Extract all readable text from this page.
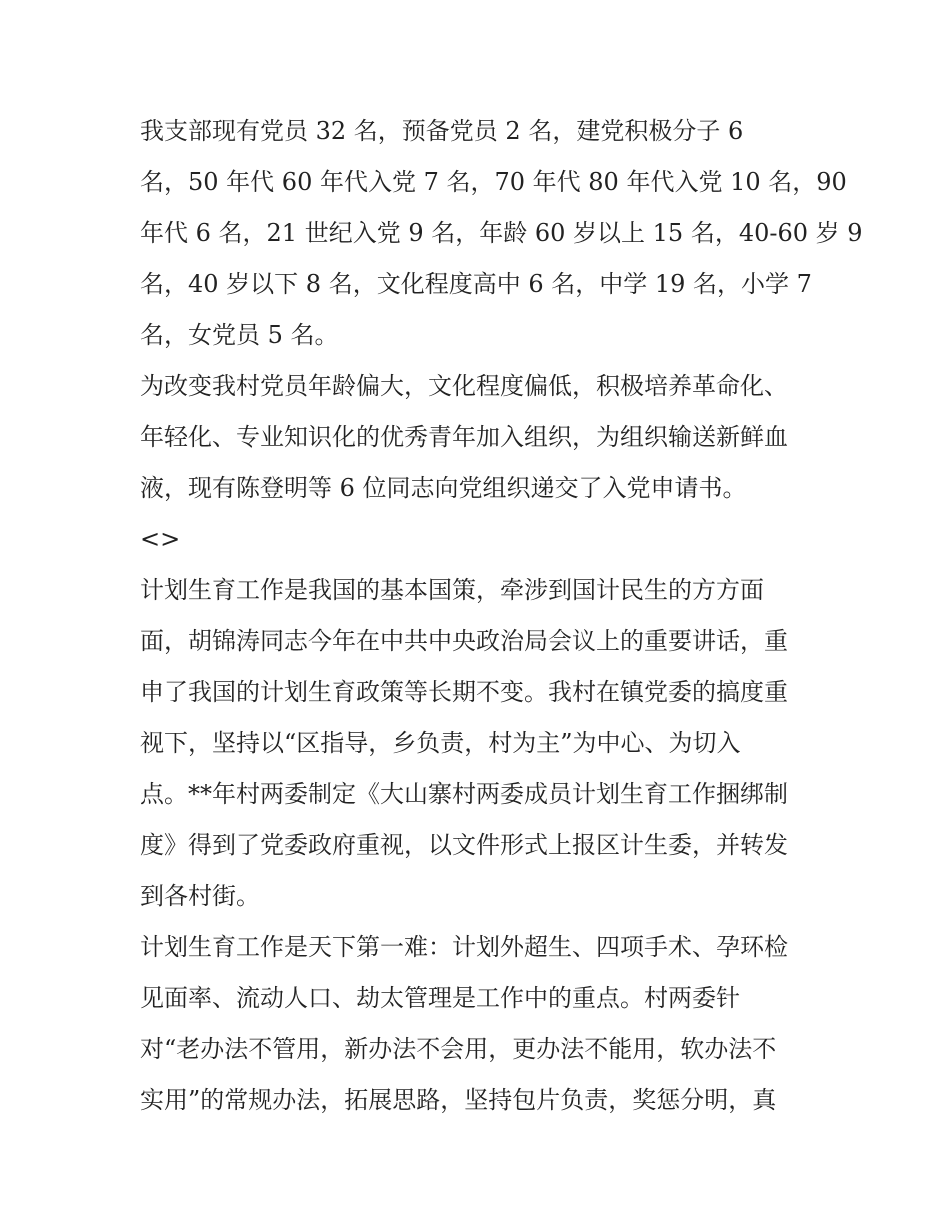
我支部现有党员 32 名，预备党员 2 名，建党积极分子 6
名，50 年代 60 年代入党 7 名，70 年代 80 年代入党 10 名，90
年代 6 名，21 世纪入党 9 名，年龄 60 岁以上 15 名，40-60 岁 9
名，40 岁以下 8 名，文化程度高中 6 名，中学 19 名，小学 7
名，女党员 5 名。
为改变我村党员年龄偏大，文化程度偏低，积极培养革命化、
年轻化、专业知识化的优秀青年加入组织，为组织输送新鲜血
液，现有陈登明等 6 位同志向党组织递交了入党申请书。
<>
计划生育工作是我国的基本国策，牵涉到国计民生的方方面
面，胡锦涛同志今年在中共中央政治局会议上的重要讲话，重
申了我国的计划生育政策等长期不变。我村在镇党委的搞度重
视下，坚持以“区指导，乡负责，村为主”为中心、为切入
点。**年村两委制定《大山寨村两委成员计划生育工作捆绑制
度》得到了党委政府重视，以文件形式上报区计生委，并转发
到各村街。
计划生育工作是天下第一难：计划外超生、四项手术、孕环检
见面率、流动人口、劫太管理是工作中的重点。村两委针
对“老办法不管用，新办法不会用，更办法不能用，软办法不
实用”的常规办法，拓展思路，坚持包片负责，奖惩分明，真
